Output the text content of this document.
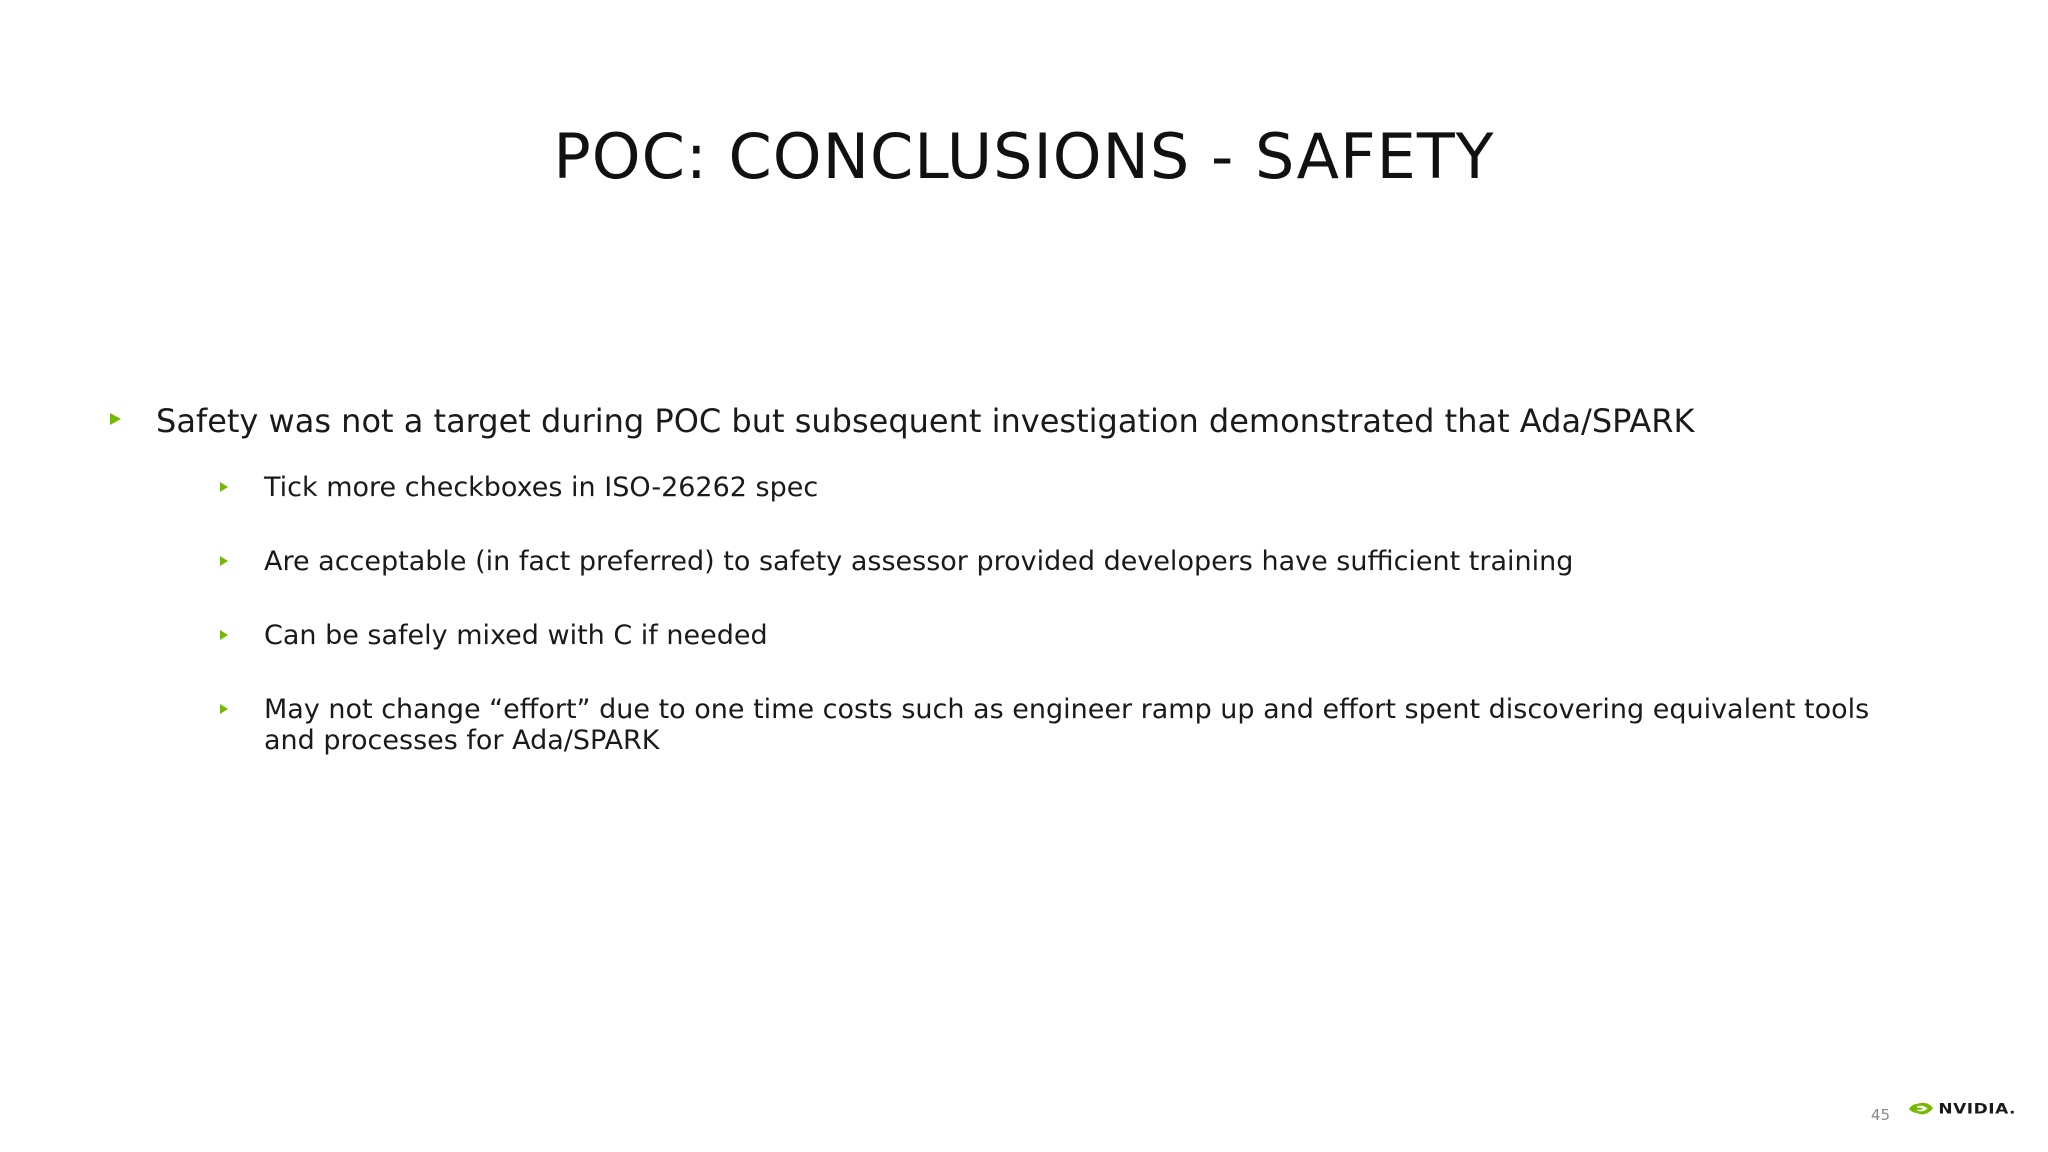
POC: CONCLUSIONS - SAFETY
Safety was not a target during POC but subsequent investigation demonstrated that Ada/SPARK
Tick more checkboxes in ISO-26262 spec
Are acceptable (in fact preferred) to safety assessor provided developers have sufficient training
Can be safely mixed with C if needed
May not change “effort” due to one time costs such as engineer ramp up and effort spent discovering equivalent tools and processes for Ada/SPARK
45	NVIDIA.
